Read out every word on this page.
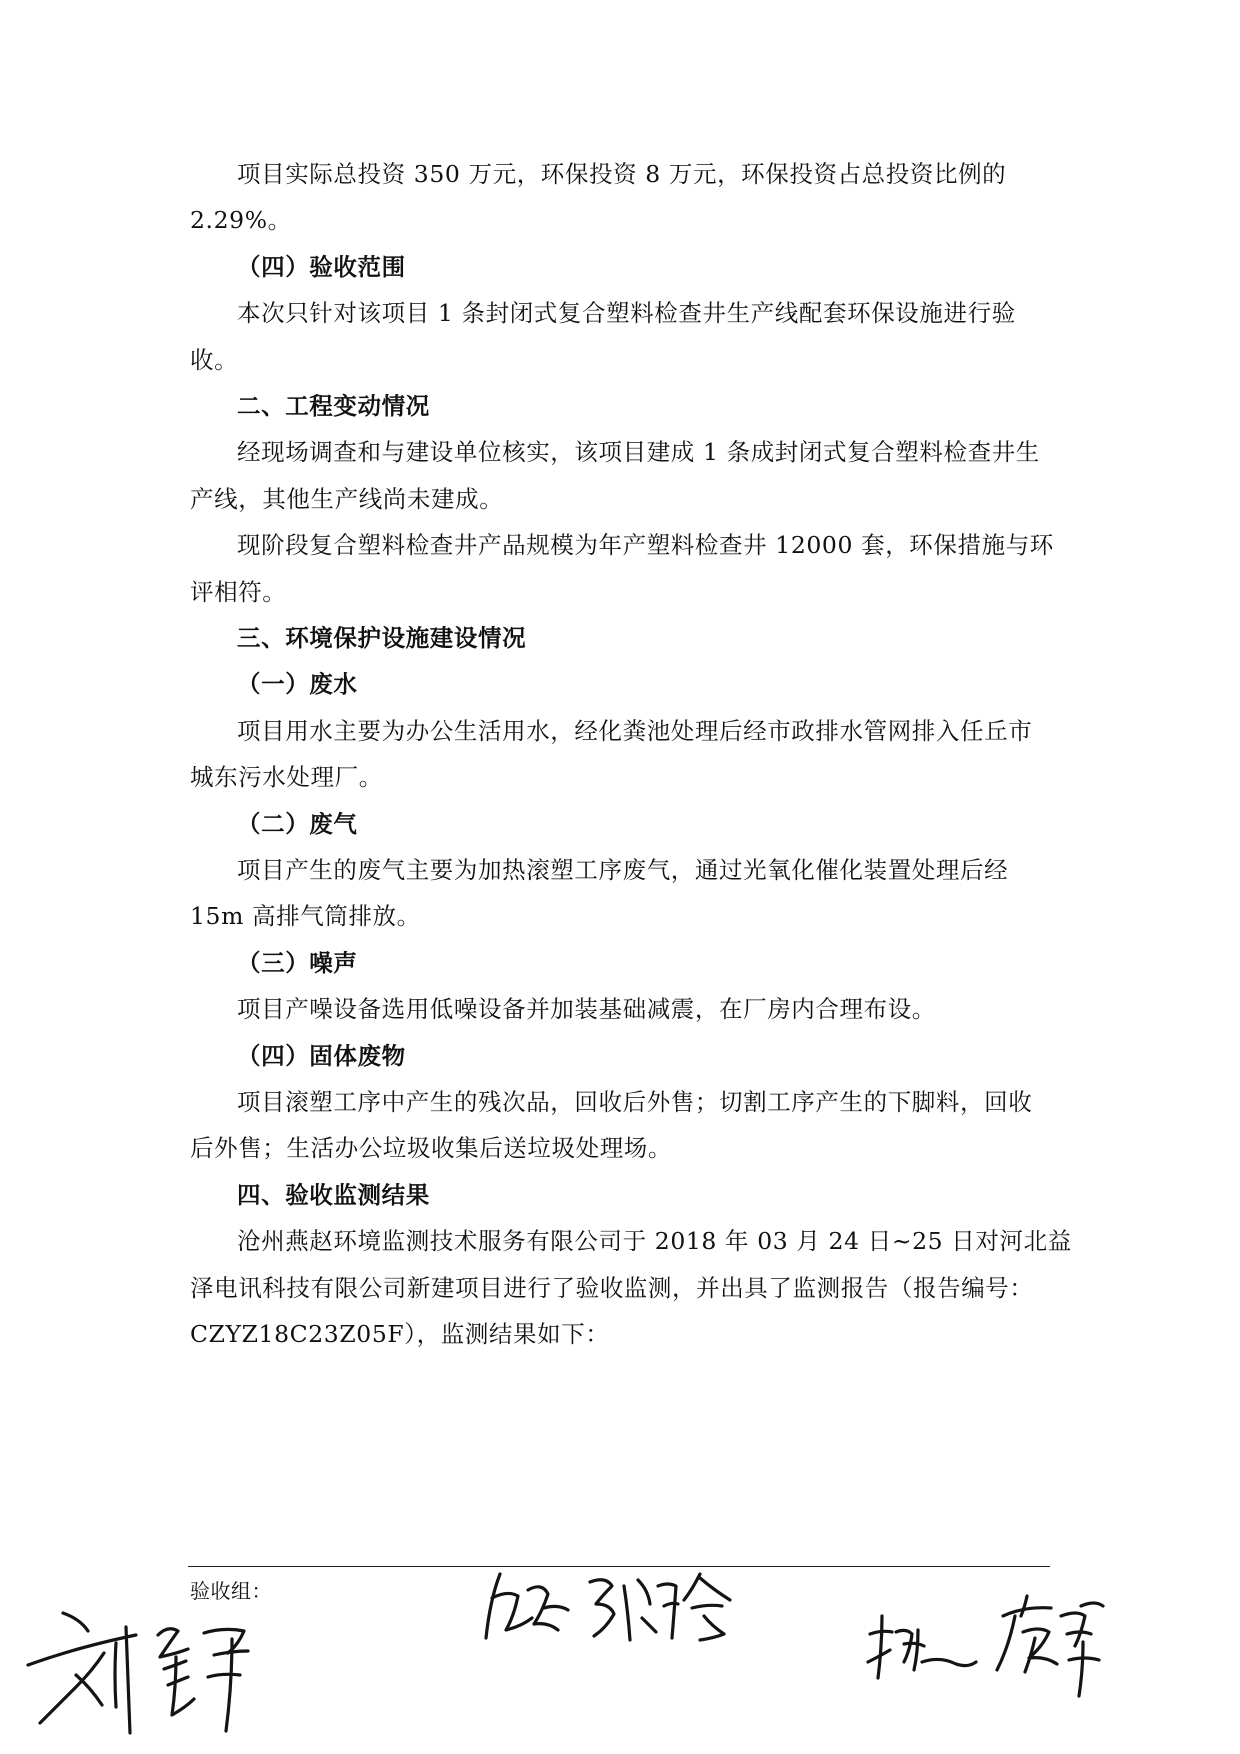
项目实际总投资 350 万元，环保投资 8 万元，环保投资占总投资比例的
2.29%。
（四）验收范围
本次只针对该项目 1 条封闭式复合塑料检查井生产线配套环保设施进行验
收。
二、工程变动情况
经现场调查和与建设单位核实，该项目建成 1 条成封闭式复合塑料检查井生
产线，其他生产线尚未建成。
现阶段复合塑料检查井产品规模为年产塑料检查井 12000 套，环保措施与环
评相符。
三、环境保护设施建设情况
（一）废水
项目用水主要为办公生活用水，经化粪池处理后经市政排水管网排入任丘市
城东污水处理厂。
（二）废气
项目产生的废气主要为加热滚塑工序废气，通过光氧化催化装置处理后经
15m 高排气筒排放。
（三）噪声
项目产噪设备选用低噪设备并加装基础减震，在厂房内合理布设。
（四）固体废物
项目滚塑工序中产生的残次品，回收后外售；切割工序产生的下脚料，回收
后外售；生活办公垃圾收集后送垃圾处理场。
四、验收监测结果
沧州燕赵环境监测技术服务有限公司于 2018 年 03 月 24 日~25 日对河北益
泽电讯科技有限公司新建项目进行了验收监测，并出具了监测报告（报告编号：
CZYZ18C23Z05F），监测结果如下：
验收组：
